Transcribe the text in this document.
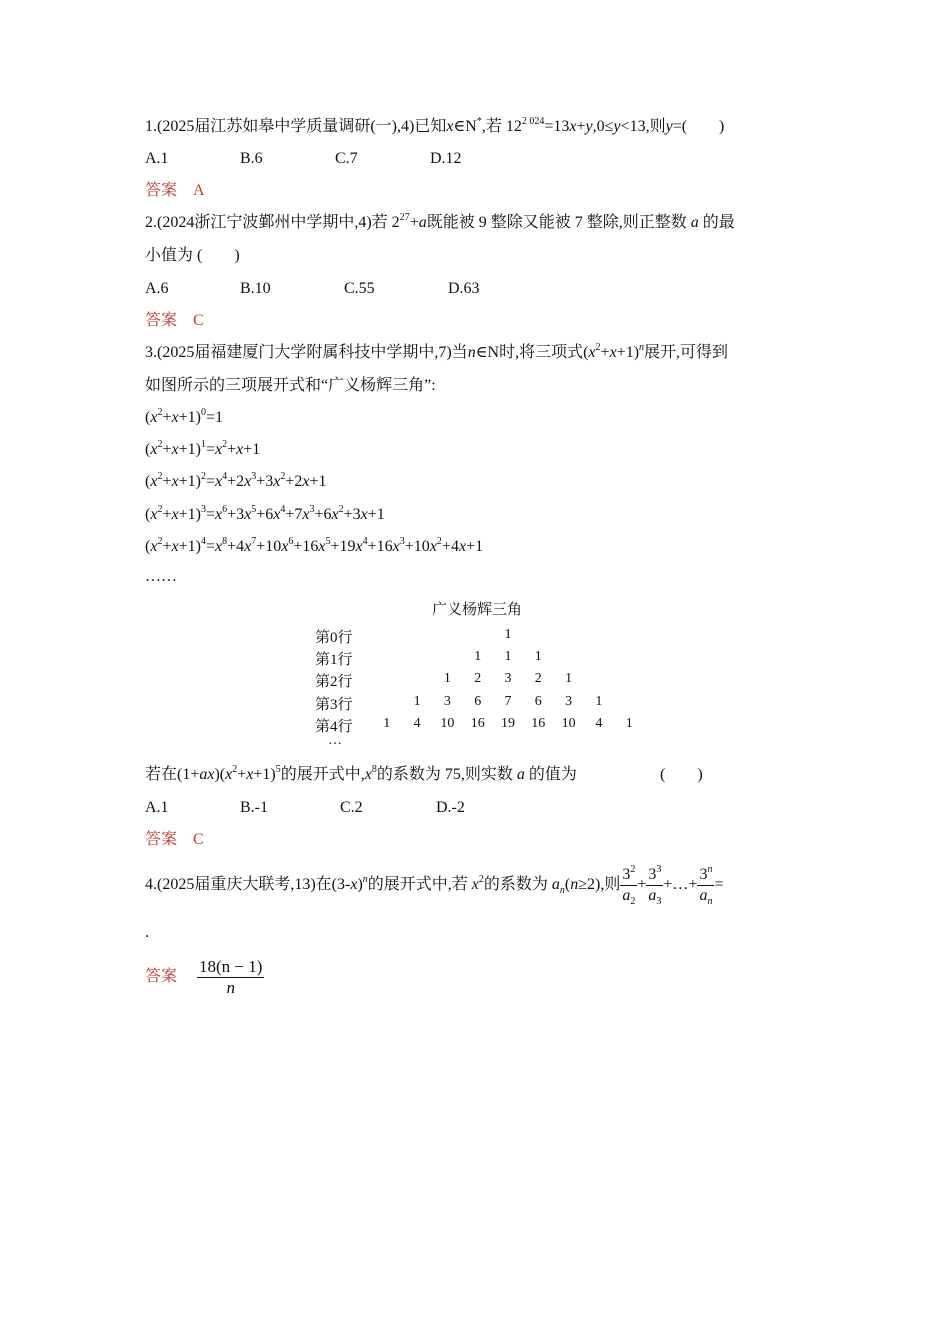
1.(2025届江苏如皋中学质量调研(一),4)已知x∈N*,若 $12^{2 024}=13x+y,0\le y<13$,则y=(　　)
A.1	B.6	C.7	D.12
答案 A
2.(2024浙江宁波鄞州中学期中,4)若 $2^{27}+a$既能被 9 整除又能被 7 整除,则正整数 a 的最
小值为 (　　)
A.6	B.10	C.55	D.63
答案 C
3.(2025届福建厦门大学附属科技中学期中,7)当n∈N时,将三项式$(x^2+x+1)^n$展开,可得到
如图所示的三项展开式和“广义杨辉三角”:
$(x^2+x+1)^0=1$
$(x^2+x+1)^1=x^2+x+1$
$(x^2+x+1)^2=x^4+2x^3+3x^2+2x+1$
$(x^2+x+1)^3=x^6+3x^5+6x^4+7x^3+6x^2+3x+1$
$(x^2+x+1)^4=x^8+4x^7+10x^6+16x^5+19x^4+16x^3+10x^2+4x+1$
……
广义杨辉三角
第0行	1
第1行	1	1	1
第2行	1	2	3	2	1
第3行	1	3	6	7	6	3	1
第4行	1	4	10 16 19 16 10	4	1
…
若在$(1+ax)(x^2+x+1)^5$的展开式中$,x^8$的系数为 75,则实数 a 的值为	(　　)
A.1	B.-1	C.2	D.-2
答案 C
4.(2025届重庆大联考,13)在$(3-x)^n$的展开式中,若 $x^2$的系数为 $a_n(n\ge 2)$,则 $\frac{3^2}{a_2} + \frac{3^3}{a_3}$ +…+ $\frac{3^n}{a_n}$ =
.
答案 $\frac{18(n - 1)}{n}$
